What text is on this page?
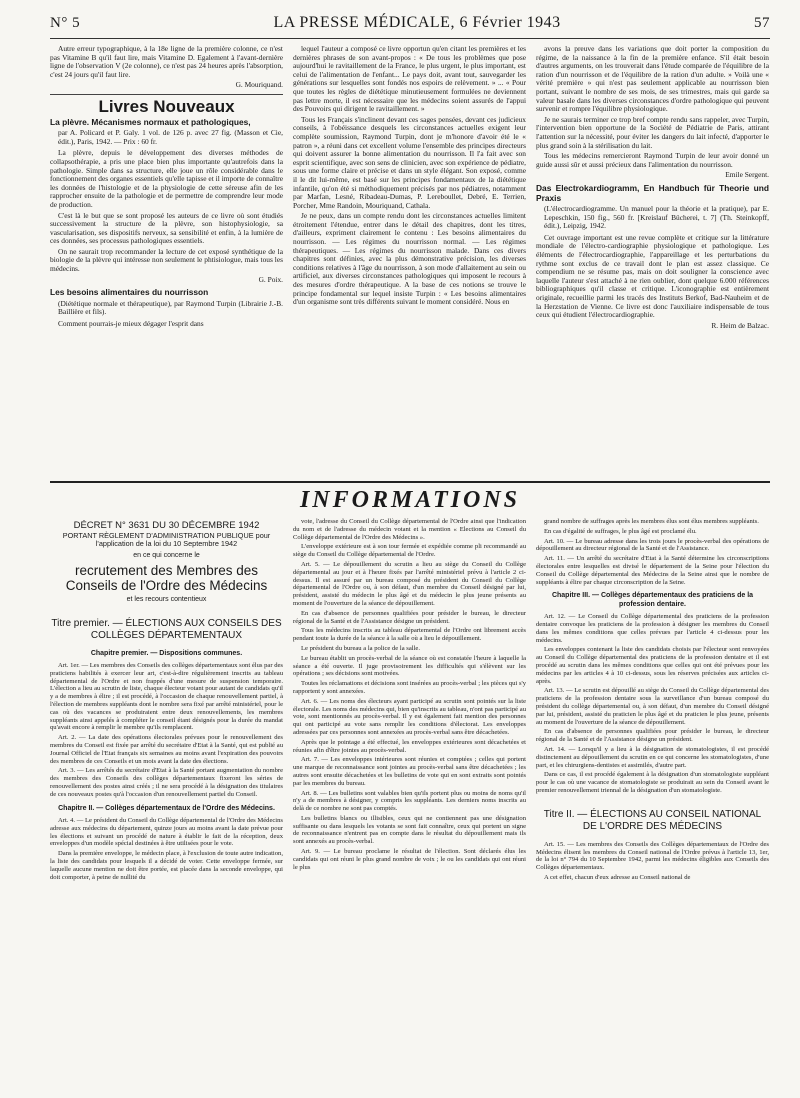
N° 5	LA PRESSE MÉDICALE, 6 Février 1943	57

Autre erreur typographique, à la 18e ligne de la première colonne, ce n'est pas Vitamine B qu'il faut lire, mais Vitamine D. Egalement à l'avant-dernière ligne de l'observation V (2e colonne), ce n'est pas 24 heures après l'absorption, c'est 24 jours qu'il faut lire.

G. Mouriquand.
Livres Nouveaux

La plèvre. Mécanismes normaux et pathologiques,

par A. Policard et P. Galy. 1 vol. de 126 p. avec 27 fig. (Masson et Cie, édit.), Paris, 1942. — Prix : 60 fr.

La plèvre, depuis le développement des diverses méthodes de collapsothérapie, a pris une place bien plus importante qu'autrefois dans la pathologie. Simple dans sa structure, elle joue un rôle considérable dans le fonctionnement des organes essentiels qu'elle tapisse et il importe de connaître les données de l'histologie et de la physiologie de cette séreuse afin de les rapprocher ensuite de la pathologie et de permettre de comprendre leur mode de production.

C'est là le but que se sont proposé les auteurs de ce livre où sont étudiés successivement la structure de la plèvre, son histophysiologie, sa vascularisation, ses dispositifs nerveux, sa sensibilité et enfin, à la lumière de ces données, ses processus pathologiques essentiels.

On ne saurait trop recommander la lecture de cet exposé synthétique de la biologie de la plèvre qui intéresse non seulement le phtisiologue, mais tous les médecins.

G. Poix.

Les besoins alimentaires du nourrisson

(Diététique normale et thérapeutique), par Raymond Turpin (Librairie J.-B. Baillière et fils).

Comment pourrais-je mieux dégager l'esprit dans

lequel l'auteur a composé ce livre opportun qu'en citant les premières et les dernières phrases de son avant-propos : « De tous les problèmes que pose aujourd'hui le ravitaillement de la France, le plus urgent, le plus important, est celui de l'alimentation de l'enfant... Le pays doit, avant tout, sauvegarder les générations sur lesquelles sont fondés nos espoirs de relèvement. » ... « Pour que toutes les règles de diététique minutieusement formulées ne deviennent pas lettre morte, il est nécessaire que les médecins soient assurés de l'appui des Pouvoirs qui dirigent le ravitaillement. »

Tous les Français s'inclinent devant ces sages pensées, devant ces judicieux conseils, à l'obéissance desquels les circonstances actuelles exigent leur complète soumission, Raymond Turpin, dont je m'honore d'avoir été le « patron », a réuni dans cet excellent volume l'ensemble des principes directeurs qui doivent assurer la bonne alimentation du nourrisson. Il l'a fait avec son esprit scientifique, avec son sens de clinicien, avec son expérience de pédiatre, sous une forme claire et précise et dans un style élégant. Son exposé, comme il le dit lui-même, est basé sur les principes fondamentaux de la diététique infantile, qu'on été si méthodiquement précisés par nos pédiatres, notamment par Marfan, Lesné, Ribadeau-Dumas, P. Lereboullet, Debré, E. Terrien, Porcher, Mme Randoin, Mouriquand, Cathala.

Je ne peux, dans un compte rendu dont les circonstances actuelles limitent étroitement l'étendue, entrer dans le détail des chapitres, dont les titres, d'ailleurs, expriment clairement le contenu : Les besoins alimentaires du nourrisson. — Les régimes du nourrisson normal. — Les régimes thérapeutiques. — Les régimes du nourrisson malade. Dans ces divers chapitres sont définies, avec la plus démonstrative précision, les diverses conditions relatives à l'âge du nourrisson, à son mode d'allaitement au sein ou artificiel, aux diverses circonstances pathologiques qui imposent le recours à des mesures d'ordre thérapeutique. A la base de ces notions se trouve le principe fondamental sur lequel insiste Turpin : « Les besoins alimentaires d'un organisme sont très différents suivant le moment considéré. Nous en

avons la preuve dans les variations que doit porter la composition du régime, de la naissance à la fin de la première enfance. S'il était besoin d'autres arguments, on les trouverait dans l'étude comparée de l'équilibre de la ration d'un nourrisson et de l'équilibre de la ration d'un adulte. » Voilà une « vérité première » qui n'est pas seulement applicable au nourrisson bien portant, suivant le nombre de ses mois, de ses trimestres, mais qui garde sa valeur basale dans les diverses circonstances d'ordre pathologique qui peuvent survenir et rompre l'équilibre physiologique.

Je ne saurais terminer ce trop bref compte rendu sans rappeler, avec Turpin, l'intervention bien opportune de la Société de Pédiatrie de Paris, attirant l'attention sur la nécessité, pour éviter les dangers du lait infecté, d'apporter le plus grand soin à la stérilisation du lait.

Tous les médecins remercieront Raymond Turpin de leur avoir donné un guide aussi sûr et aussi précieux dans l'alimentation du nourrisson.

Emile Sergent.

Das Electrokardiogramm, En Handbuch für Theorie und Praxis

(L'électrocardiogramme. Un manuel pour la théorie et la pratique), par E. Lepeschkin, 150 fig., 560 fr. [Kreislauf Bücherei, t. 7] (Th. Steinkopff, édit.), Leipzig, 1942.

Cet ouvrage important est une revue complète et critique sur la littérature mondiale de l'électro-cardiographie physiologique et pathologique. Les éléments de l'électrocardiographie, l'appareillage et les perturbations du rythme sont exclus de ce travail dont le plan est assez classique. Ce compendium ne se résume pas, mais on doit souligner la conscience avec laquelle l'auteur s'est attaché à ne rien oublier, dont quelque 6.000 références bibliographiques qu'il classe et critique. L'iconographie est entièrement originale, recueillie parmi les tracés des Instituts Berkof, Bad-Nauheim et de la Herzstation de Vienne. Ce livre est donc l'auxiliaire indispensable de tous ceux qui étudient l'électrocardiographie.

R. Heim de Balzac.
INFORMATIONS
DÉCRET N° 3631 DU 30 DÉCEMBRE 1942
PORTANT RÈGLEMENT D'ADMINISTRATION PUBLIQUE pour l'application de la loi du 10 Septembre 1942
en ce qui concerne le
recrutement des Membres des Conseils de l'Ordre des Médecins
et les recours contentieux
Titre premier. — ÉLECTIONS AUX CONSEILS DES COLLÈGES DÉPARTEMENTAUX
Chapitre premier. — Dispositions communes.

Art. 1er. — Les membres des Conseils des collèges départementaux sont élus par des praticiens habilités à exercer leur art, c'est-à-dire régulièrement inscrits au tableau départemental de l'Ordre et non frappés d'une mesure de suspension temporaire. L'élection a lieu au scrutin de liste, chaque électeur votant pour autant de candidats qu'il y a de membres à élire ; il est procédé, à l'occasion de chaque renouvellement partiel, à l'élection de membres suppléants dont le nombre sera fixé par arrêté ministériel, pour le cas où des vacances se produiraient entre deux renouvellements, les membres suppléants ainsi appelés à compléter le conseil étant désignés pour la durée du mandat qu'avait encore à remplir le membre qu'ils remplacent.

Art. 2. — La date des opérations électorales prévues pour le renouvellement des membres du Conseil est fixée par arrêté du secrétaire d'Etat à la Santé, qui est publié au Journal Officiel de l'Etat français six semaines au moins avant l'expiration des pouvoirs des membres de ces Conseils et un mois avant la date des élections.

Art. 3. — Les arrêtés du secrétaire d'Etat à la Santé portant augmentation du nombre des membres des Conseils des collèges départementaux fixeront les séries de renouvellement des postes ainsi créés ; il ne sera procédé à la désignation des titulaires de ces nouveaux postes qu'à l'occasion d'un renouvellement partiel du Conseil.

Chapitre II. — Collèges départementaux de l'Ordre des Médecins.

Art. 4. — Le président du Conseil du Collège départemental de l'Ordre des Médecins adresse aux médecins du département, quinze jours au moins avant la date prévue pour les élections et suivant un procédé de nature à établir le fait de la réception, deux enveloppes d'un modèle spécial destinées à être utilisées pour le vote.

Dans la première enveloppe, le médecin place, à l'exclusion de toute autre indication, la liste des candidats pour lesquels il a décidé de voter. Cette enveloppe fermée, sur laquelle aucune mention ne doit être portée, est placée dans la seconde enveloppe, qui doit comporter, à peine de nullité du

vote, l'adresse du Conseil du Collège départemental de l'Ordre ainsi que l'indication du nom et de l'adresse du médecin votant et la mention « Elections au Conseil du Collège départemental de l'Ordre des Médecins ».

L'enveloppe extérieure est à son tour fermée et expédiée comme pli recommandé au siège du Conseil du Collège départemental de l'Ordre.

Art. 5. — Le dépouillement du scrutin a lieu au siège du Conseil du Collège départemental au jour et à l'heure fixés par l'arrêté ministériel prévu à l'article 2 ci-dessus. Il est assuré par un bureau composé du président du Conseil du Collège départemental de l'Ordre ou, à son défaut, d'un membre du Conseil désigné par lui, président, assisté du médecin le plus âgé et du médecin le plus jeune présents au moment de l'ouverture de la séance de dépouillement.

En cas d'absence de personnes qualifiées pour présider le bureau, le directeur régional de la Santé et de l'Assistance désigne un président.

Tous les médecins inscrits au tableau départemental de l'Ordre ont librement accès pendant toute la durée de la séance à la salle où a lieu le dépouillement.

Le président du bureau a la police de la salle.

Le bureau établit un procès-verbal de la séance où est constatée l'heure à laquelle la séance a été ouverte. Il juge provisoirement les difficultés qui s'élèvent sur les opérations ; ses décisions sont motivées.

Toutes les réclamations et décisions sont insérées au procès-verbal ; les pièces qui s'y rapportent y sont annexées.

Art. 6. — Les noms des électeurs ayant participé au scrutin sont pointés sur la liste électorale. Les noms des médecins qui, bien qu'inscrits au tableau, n'ont pas participé au vote, sont mentionnés au procès-verbal. Il y est également fait mention des personnes qui ont participé au vote sans remplir les conditions d'électorat. Les enveloppes adressées par ces personnes sont annexées au procès-verbal sans être décachetées.

Après que le pointage a été effectué, les enveloppes extérieures sont décachetées et réunies afin d'être jointes au procès-verbal.

Art. 7. — Les enveloppes intérieures sont réunies et comptées ; celles qui portent une marque de reconnaissance sont jointes au procès-verbal sans être décachetées ; les autres sont ensuite décachetées et les bulletins de vote qui en sont extraits sont pointés par les membres du bureau.

Art. 8. — Les bulletins sont valables bien qu'ils portent plus ou moins de noms qu'il n'y a de membres à désigner, y compris les suppléants. Les derniers noms inscrits au delà de ce nombre ne sont pas comptés.

Les bulletins blancs ou illisibles, ceux qui ne contiennent pas une désignation suffisante ou dans lesquels les votants se sont fait connaître, ceux qui portent un signe de reconnaissance n'entrent pas en compte dans le résultat du dépouillement mais ils sont annexés au procès-verbal.

Art. 9. — Le bureau proclame le résultat de l'élection. Sont déclarés élus les candidats qui ont réuni le plus grand nombre de voix ; le ou les candidats qui ont réuni le plus

grand nombre de suffrages après les membres élus sont élus membres suppléants.

En cas d'égalité de suffrages, le plus âgé est proclamé élu.

Art. 10. — Le bureau adresse dans les trois jours le procès-verbal des opérations de dépouillement au directeur régional de la Santé et de l'Assistance.

Art. 11. — Un arrêté du secrétaire d'Etat à la Santé détermine les circonscriptions électorales entre lesquelles est divisé le département de la Seine pour l'élection du Conseil du Collège départemental des Médecins de la Seine ainsi que le nombre de suppléants à élire par chaque circonscription de la Seine.

Chapitre III. — Collèges départementaux des praticiens de la profession dentaire.

Art. 12. — Le Conseil du Collège départemental des praticiens de la profession dentaire convoque les praticiens de la profession à désigner les membres du Conseil dans les mêmes conditions que celles prévues par l'article 4 ci-dessus pour les médecins.

Les enveloppes contenant la liste des candidats choisis par l'électeur sont renvoyées au Conseil du Collège départemental des praticiens de la profession dentaire et il est procédé au scrutin dans les mêmes conditions que celles qui ont été prévues pour les médecins par les articles 4 à 10 ci-dessus, sous les réserves précisées aux articles ci-après.

Art. 13. — Le scrutin est dépouillé au siège du Conseil du Collège départemental des praticiens de la profession dentaire sous la surveillance d'un bureau composé du président du collège départemental ou, à son défaut, d'un membre du Conseil désigné par lui, président, assisté du praticien le plus âgé et du praticien le plus jeune, présents au moment de l'ouverture de la séance de dépouillement.

En cas d'absence de personnes qualifiées pour présider le bureau, le directeur régional de la Santé et de l'Assistance désigne un président.

Art. 14. — Lorsqu'il y a lieu à la désignation de stomatologistes, il est procédé distinctement au dépouillement du scrutin en ce qui concerne les stomatologistes, d'une part, et les chirurgiens-dentistes et assimilés, d'autre part.

Dans ce cas, il est procédé également à la désignation d'un stomatologiste suppléant pour le cas où une vacance de stomatologiste se produirait au sein du Conseil avant le premier renouvellement triennal de la désignation d'un stomatologiste.

Titre II. — ÉLECTIONS AU CONSEIL NATIONAL DE L'ORDRE DES MÉDECINS

Art. 15. — Les membres des Conseils des Collèges départementaux de l'Ordre des Médecins élisent les membres du Conseil national de l'Ordre prévus à l'article 13, 1er, de la loi n° 794 du 10 Septembre 1942, parmi les médecins éligibles aux Conseils des Collèges départementaux.

A cet effet, chacun d'eux adresse au Conseil national de
